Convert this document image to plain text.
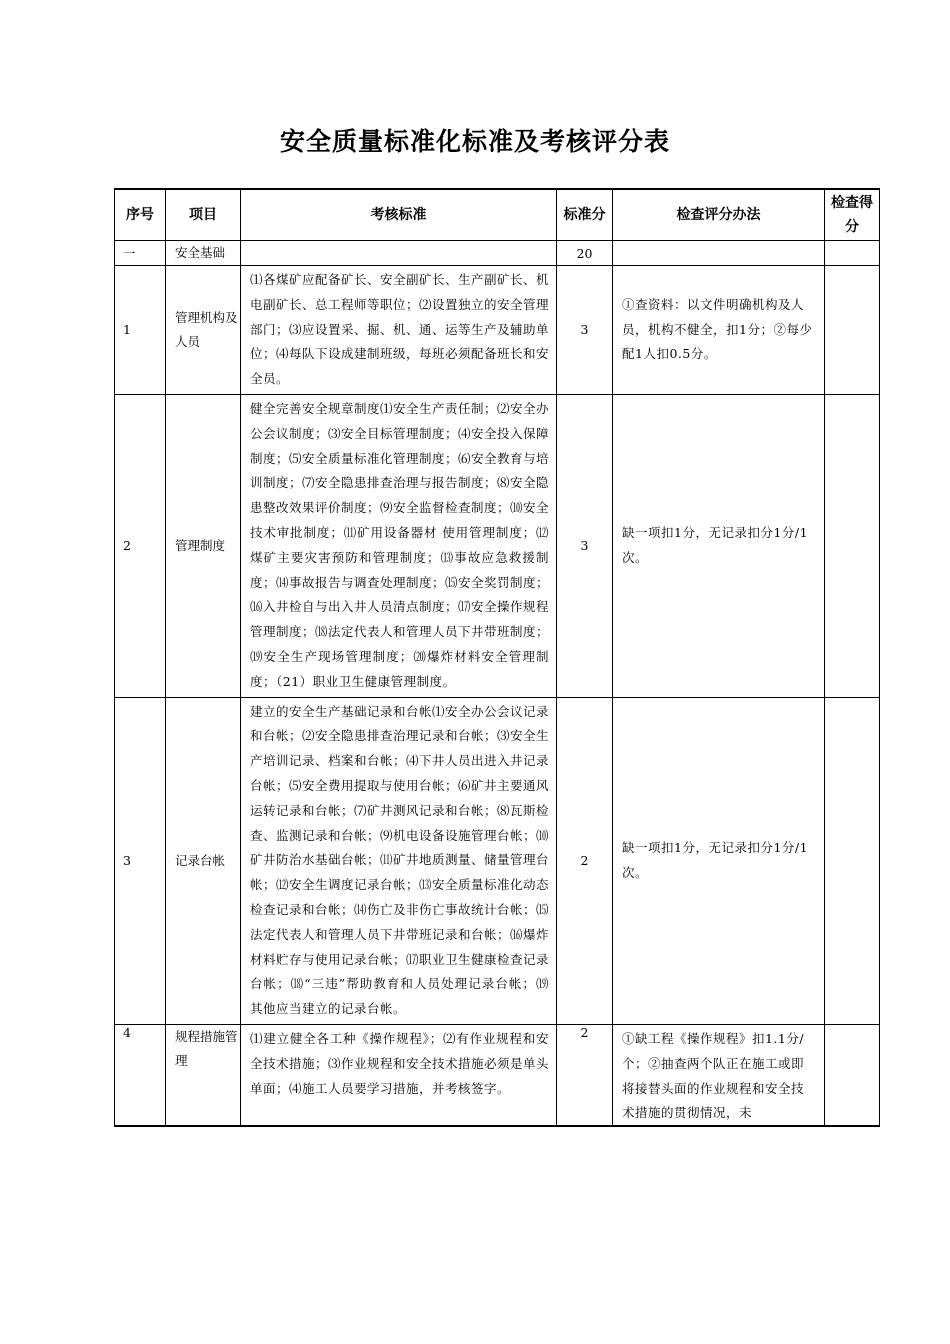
安全质量标准化标准及考核评分表
序号	项目	考核标准	标准分	检查评分办法	检查得分
一	安全基础		20		
1	管理机构及人员	⑴各煤矿应配备矿长、安全副矿长、生产副矿长、机电副矿长、总工程师等职位；⑵设置独立的安全管理部门；⑶应设置采、掘、机、通、运等生产及辅助单位；⑷每队下设成建制班级，每班必须配备班长和安全员。	3	①查资料：以文件明确机构及人员，机构不健全，扣1分；②每少配1人扣0.5分。	
2	管理制度	健全完善安全规章制度⑴安全生产责任制；⑵安全办公会议制度；⑶安全目标管理制度；⑷安全投入保障制度；⑸安全质量标准化管理制度；⑹安全教育与培训制度；⑺安全隐患排查治理与报告制度；⑻安全隐患整改效果评价制度；⑼安全监督检查制度；⑽安全技术审批制度；⑾矿用设备器材 使用管理制度；⑿煤矿主要灾害预防和管理制度；⒀事故应急救援制度；⒁事故报告与调查处理制度；⒂安全奖罚制度；⒃入井检自与出入井人员清点制度；⒄安全操作规程管理制度；⒅法定代表人和管理人员下井带班制度；⒆安全生产现场管理制度；⒇爆炸材料安全管理制度；（21）职业卫生健康管理制度。	3	缺一项扣1分，无记录扣分1分/1次。	
3	记录台帐	建立的安全生产基础记录和台帐⑴安全办公会议记录和台帐；⑵安全隐患排查治理记录和台帐；⑶安全生产培训记录、档案和台帐；⑷下井人员出进入井记录台帐；⑸安全费用提取与使用台帐；⑹矿井主要通风运转记录和台帐；⑺矿井测风记录和台帐；⑻瓦斯检查、监测记录和台帐；⑼机电设备设施管理台帐；⑽矿井防治水基础台帐；⑾矿井地质测量、储量管理台帐；⑿安全生调度记录台帐；⒀安全质量标准化动态检查记录和台帐；⒁伤亡及非伤亡事故统计台帐；⒂法定代表人和管理人员下井带班记录和台帐；⒃爆炸材料贮存与使用记录台帐；⒄职业卫生健康检查记录台帐；⒅“三违”帮助教育和人员处理记录台帐；⒆其他应当建立的记录台帐。	2	缺一项扣1分，无记录扣分1分/1次。	
4	规程措施管理	⑴建立健全各工种《操作规程》；⑵有作业规程和安全技术措施；⑶作业规程和安全技术措施必须是单头单面；⑷施工人员要学习措施，并考核签字。	2	①缺工程《操作规程》扣1.1分/个；②抽查两个队正在施工或即将接替头面的作业规程和安全技术措施的贯彻情况，未	
